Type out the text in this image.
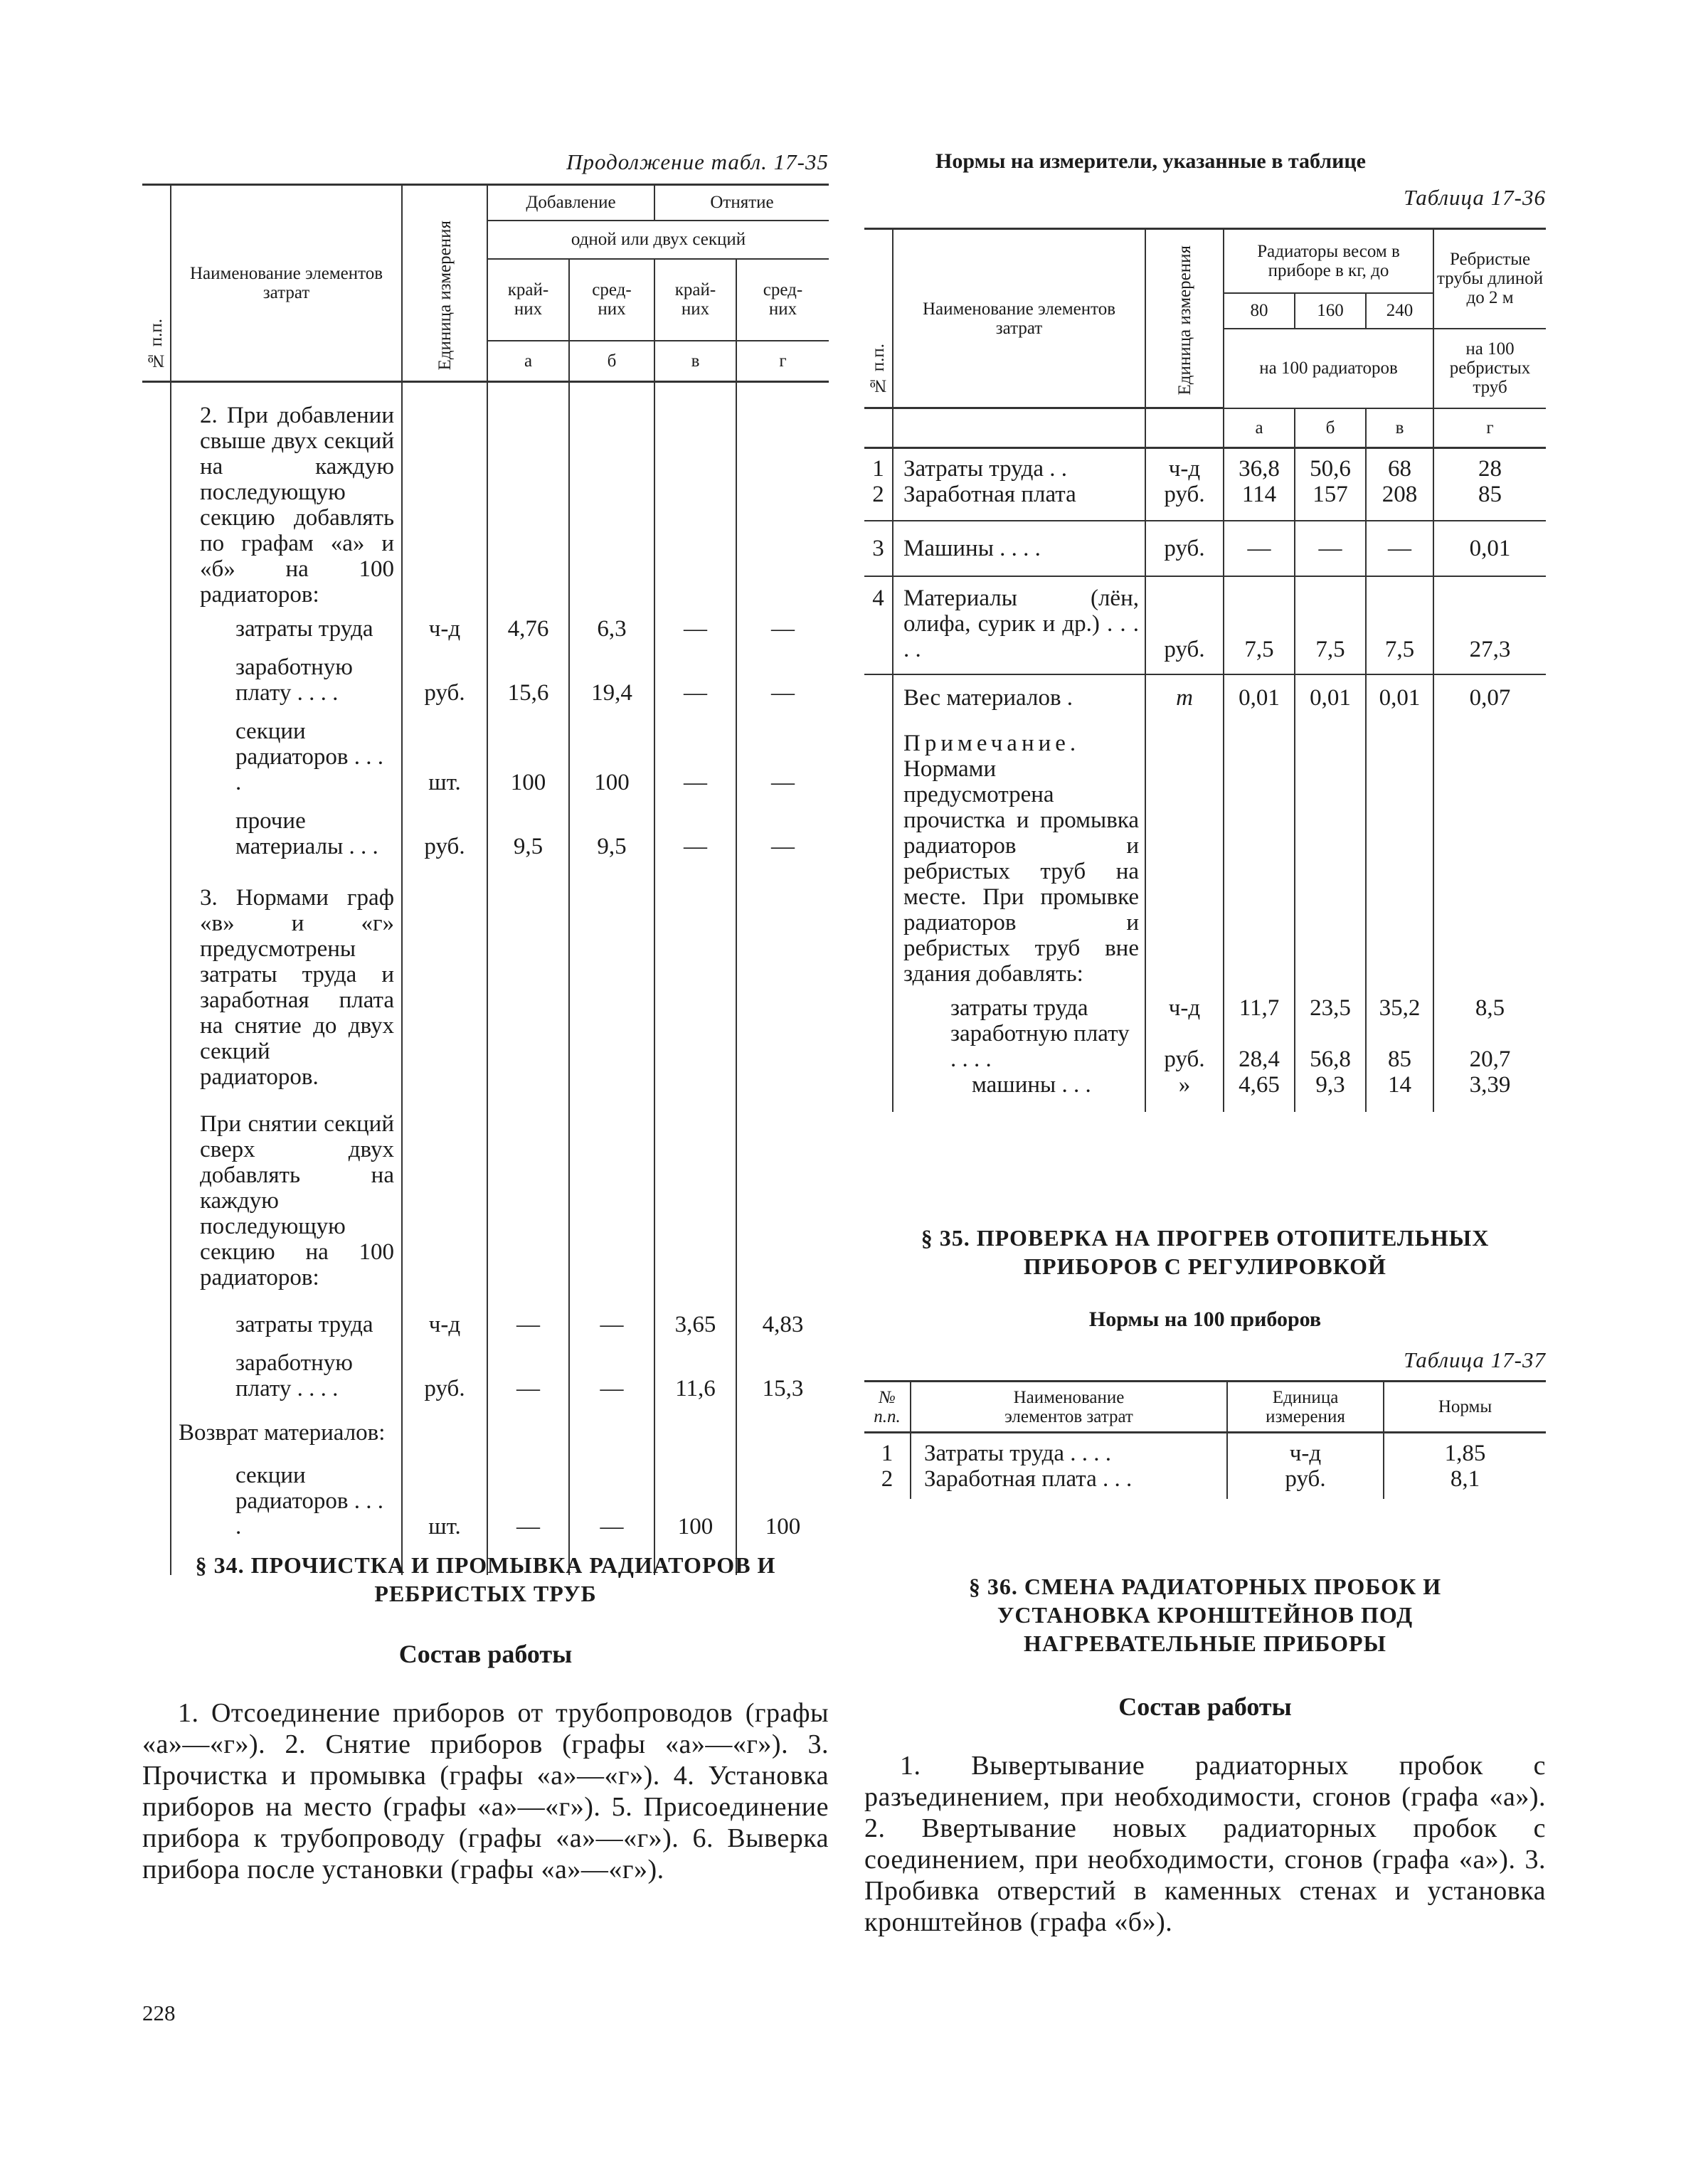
Продолжение табл. 17-35
№ п.п.	Наименование элементов затрат	Единица измерения	Добавление		Отнятие	
			одной или двух секций			
			край-них	сред-них	край-них	сред-них
			а	б	в	г
	2. При добавлении свыше двух секций на каждую последующую секцию добавлять по графам «а» и «б» на 100 радиаторов:					
	затраты труда	ч-д	4,76	6,3	—	—
	заработную плату . . . .	руб.	15,6	19,4	—	—
	секции радиаторов . . . .	шт.	100	100	—	—
	прочие материалы . . .	руб.	9,5	9,5	—	—
	3. Нормами граф «в» и «г» предусмотрены затраты труда и заработная плата на снятие до двух секций радиаторов.					
	При снятии секций сверх двух добавлять на каждую последующую секцию на 100 радиаторов:					
	затраты труда	ч-д	—	—	3,65	4,83
	заработную плату . . . .	руб.	—	—	11,6	15,3
	Возврат материалов:					
	секции радиаторов . . . .	шт.	—	—	100	100
§ 34. ПРОЧИСТКА И ПРОМЫВКА РАДИАТОРОВ И РЕБРИСТЫХ ТРУБ
Состав работы

1. Отсоединение приборов от трубопроводов (графы «а»—«г»). 2. Снятие приборов (графы «а»—«г»). 3. Прочистка и промывка (графы «а»—«г»). 4. Установка приборов на место (графы «а»—«г»). 5. Присоединение прибора к трубопроводу (графы «а»—«г»). 6. Выверка прибора после установки (графы «а»—«г»).

228
Нормы на измерители, указанные в таблице
Таблица 17-36
№ п.п.	Наименование элементов затрат	Единица измерения	Радиаторы весом в приборе в кг, до			Ребристые трубы длиной до 2 м
			80	160	240	
			на 100 радиаторов			на 100 ребристых труб
			а	б	в	г
1	Затраты труда . .	ч-д	36,8	50,6	68	28
2	Заработная плата	руб.	114	157	208	85
3	Машины . . . .	руб.	—	—	—	0,01
4	Материалы (лён, олифа, сурик и др.) . . . . .	руб.	7,5	7,5	7,5	27,3
	Вес материалов .	т	0,01	0,01	0,01	0,07
	Примечание. Нормами предусмотрена прочистка и промывка радиаторов и ребристых труб на месте. При промывке радиаторов и ребристых труб вне здания добавлять:					
	затраты труда	ч-д	11,7	23,5	35,2	8,5
	заработную плату . . . .	руб.	28,4	56,8	85	20,7
	машины . . .	»	4,65	9,3	14	3,39
§ 35. ПРОВЕРКА НА ПРОГРЕВ ОТОПИТЕЛЬНЫХ ПРИБОРОВ С РЕГУЛИРОВКОЙ
Нормы на 100 приборов
Таблица 17-37
№ п.п.	Наименование элементов затрат	Единица измерения	Нормы
1	Затраты труда . . . .	ч-д	1,85
2	Заработная плата . . .	руб.	8,1
§ 36. СМЕНА РАДИАТОРНЫХ ПРОБОК И УСТАНОВКА КРОНШТЕЙНОВ ПОД НАГРЕВАТЕЛЬНЫЕ ПРИБОРЫ
Состав работы

1. Вывертывание радиаторных пробок с разъединением, при необходимости, сгонов (графа «а»). 2. Ввертывание новых радиаторных пробок с соединением, при необходимости, сгонов (графа «а»). 3. Пробивка отверстий в каменных стенах и установка кронштейнов (графа «б»).
